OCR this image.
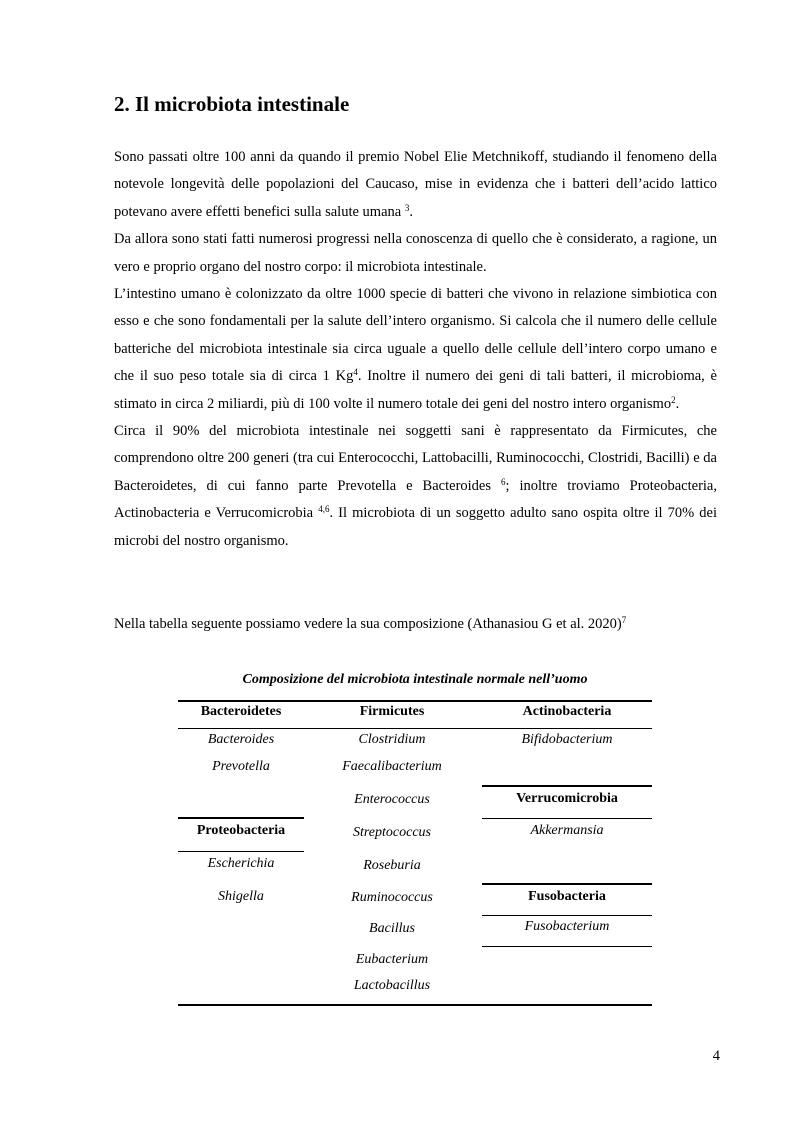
2. Il microbiota intestinale

Sono passati oltre 100 anni da quando il premio Nobel Elie Metchnikoff, studiando il fenomeno della notevole longevità delle popolazioni del Caucaso, mise in evidenza che i batteri dell’acido lattico potevano avere effetti benefici sulla salute umana $^3$.

Da allora sono stati fatti numerosi progressi nella conoscenza di quello che è considerato, a ragione, un vero e proprio organo del nostro corpo: il microbiota intestinale.

L’intestino umano è colonizzato da oltre 1000 specie di batteri che vivono in relazione simbiotica con esso e che sono fondamentali per la salute dell’intero organismo. Si calcola che il numero delle cellule batteriche del microbiota intestinale sia circa uguale a quello delle cellule dell’intero corpo umano e che il suo peso totale sia di circa 1 Kg$^4$. Inoltre il numero dei geni di tali batteri, il microbioma, è stimato in circa 2 miliardi, più di 100 volte il numero totale dei geni del nostro intero organismo$^2$.

Circa il 90% del microbiota intestinale nei soggetti sani è rappresentato da Firmicutes, che comprendono oltre 200 generi (tra cui Enterococchi, Lattobacilli, Ruminococchi, Clostridi, Bacilli) e da Bacteroidetes, di cui fanno parte Prevotella e Bacteroides $^6$; inoltre troviamo Proteobacteria, Actinobacteria e Verrucomicrobia $^{4,6}$. Il microbiota di un soggetto adulto sano ospita oltre il 70% dei microbi del nostro organismo.

Nella tabella seguente possiamo vedere la sua composizione (Athanasiou G et al. 2020)$^7$

Composizione del microbiota intestinale normale nell’uomo
Bacteroidetes
Bacteroides
Prevotella
Proteobacteria
Escherichia
Shigella
Firmicutes
Clostridium
Faecalibacterium
Enterococcus
Streptococcus
Roseburia
Ruminococcus
Bacillus
Eubacterium
Lactobacillus
Actinobacteria
Bifidobacterium
Verrucomicrobia
Akkermansia
Fusobacteria
Fusobacterium
4
